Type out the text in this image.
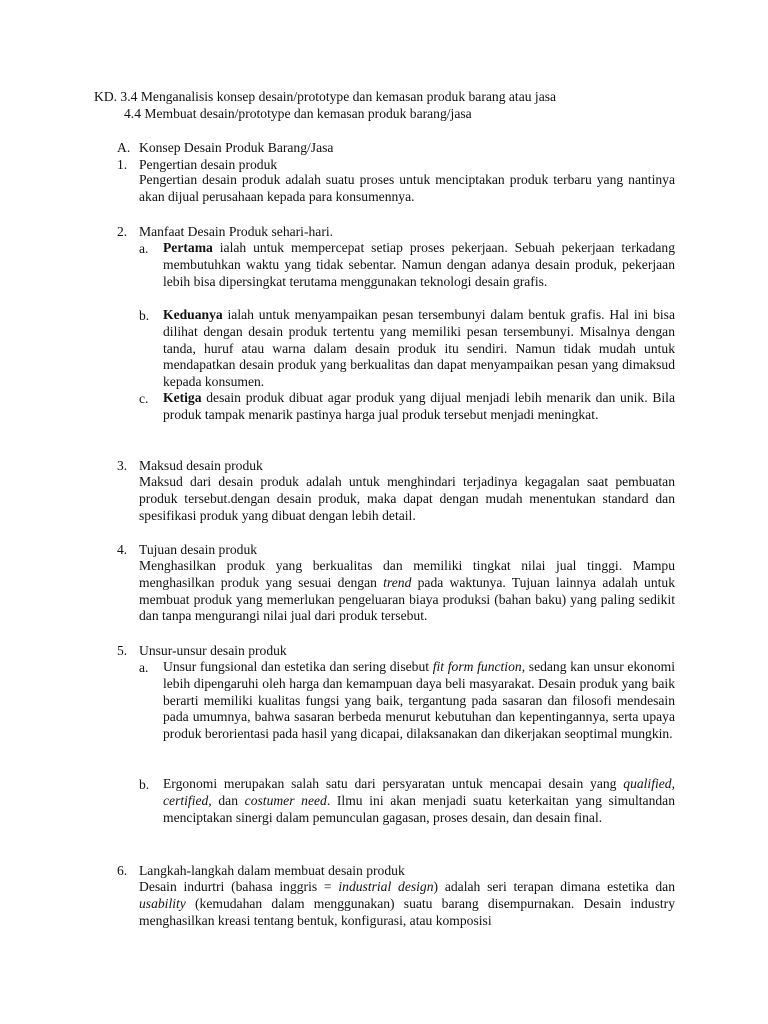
KD. 3.4 Menganalisis konsep desain/prototype dan kemasan produk barang atau jasa
4.4 Membuat desain/prototype dan kemasan produk barang/jasa
A. Konsep Desain Produk Barang/Jasa
1. Pengertian desain produk
Pengertian desain produk adalah suatu proses untuk menciptakan produk terbaru yang nantinya akan dijual perusahaan kepada para konsumennya.
2. Manfaat Desain Produk sehari-hari.
a. Pertama ialah untuk mempercepat setiap proses pekerjaan. Sebuah pekerjaan terkadang membutuhkan waktu yang tidak sebentar. Namun dengan adanya desain produk, pekerjaan lebih bisa dipersingkat terutama menggunakan teknologi desain grafis.
b. Keduanya ialah untuk menyampaikan pesan tersembunyi dalam bentuk grafis. Hal ini bisa dilihat dengan desain produk tertentu yang memiliki pesan tersembunyi. Misalnya dengan tanda, huruf atau warna dalam desain produk itu sendiri. Namun tidak mudah untuk mendapatkan desain produk yang berkualitas dan dapat menyampaikan pesan yang dimaksud kepada konsumen.
c. Ketiga desain produk dibuat agar produk yang dijual menjadi lebih menarik dan unik. Bila produk tampak menarik pastinya harga jual produk tersebut menjadi meningkat.
3. Maksud desain produk
Maksud dari desain produk adalah untuk menghindari terjadinya kegagalan saat pembuatan produk tersebut.dengan desain produk, maka dapat dengan mudah menentukan standard dan spesifikasi produk yang dibuat dengan lebih detail.
4. Tujuan desain produk
Menghasilkan produk yang berkualitas dan memiliki tingkat nilai jual tinggi. Mampu menghasilkan produk yang sesuai dengan trend pada waktunya. Tujuan lainnya adalah untuk membuat produk yang memerlukan pengeluaran biaya produksi (bahan baku) yang paling sedikit dan tanpa mengurangi nilai jual dari produk tersebut.
5. Unsur-unsur desain produk
a. Unsur fungsional dan estetika dan sering disebut fit form function, sedang kan unsur ekonomi lebih dipengaruhi oleh harga dan kemampuan daya beli masyarakat. Desain produk yang baik berarti memiliki kualitas fungsi yang baik, tergantung pada sasaran dan filosofi mendesain pada umumnya, bahwa sasaran berbeda menurut kebutuhan dan kepentingannya, serta upaya produk berorientasi pada hasil yang dicapai, dilaksanakan dan dikerjakan seoptimal mungkin.
b. Ergonomi merupakan salah satu dari persyaratan untuk mencapai desain yang qualified, certified, dan costumer need. Ilmu ini akan menjadi suatu keterkaitan yang simultandan menciptakan sinergi dalam pemunculan gagasan, proses desain, dan desain final.
6. Langkah-langkah dalam membuat desain produk
Desain indurtri (bahasa inggris = industrial design) adalah seri terapan dimana estetika dan usability (kemudahan dalam menggunakan) suatu barang disempurnakan. Desain industry menghasilkan kreasi tentang bentuk, konfigurasi, atau komposisi
